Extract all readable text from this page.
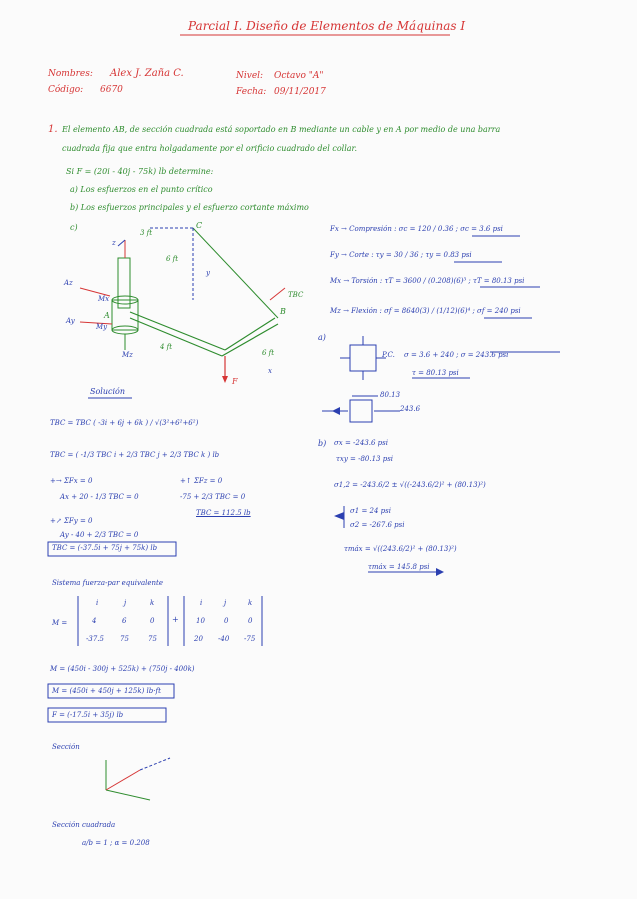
Parcial I. Diseño de Elementos de Máquinas I
Nombres: Alex J. Zaña C.
Código: 6670
Nivel: Octavo "A"
Fecha: 09/11/2017
1. El elemento AB, de sección cuadrada está soportado en B mediante un cable y en A por medio de una barra
cuadrada fija que entra holgadamente por el orificio cuadrado del collar.
Si F = (20i - 40j - 75k) lb determine:
a) Los esfuerzos en el punto crítico
b) Los esfuerzos principales y el esfuerzo cortante máximo
c)	C
B
A
3 ft
6 ft
4 ft
6 ft
F
TBC
x
y
z
Mx
Az
Ay
Mz
My
Solución
TBC = TBC ( -3i + 6j + 6k ) / √(3²+6²+6²)
TBC = ( -1/3 TBC i + 2/3 TBC j + 2/3 TBC k ) lb
+→ ΣFx = 0
Ax + 20 - 1/3 TBC = 0
+↑ ΣFz = 0
-75 + 2/3 TBC = 0
TBC = 112.5 lb
+↗ ΣFy = 0
Ay - 40 + 2/3 TBC = 0
TBC = (-37.5i + 75j + 75k) lb
Sistema fuerza-par equivalente
M =
i	j	k
4	6	0
-37.5 75	75
+
i	j	k
10	0	0
20 -40 -75
M = (450i - 300j + 525k) + (750j - 400k)
M = (450i + 450j + 125k) lb·ft
F = (-17.5i + 35j) lb
Sección
Sección cuadrada
a/b = 1 ; α = 0.208
Fx → Compresión : σc = 120 / 0.36 ; σc = 3.6 psi
Fy → Corte : τy = 30 / 36 ; τy = 0.83 psi
Mx → Torsión : τT = 3600 / (0.208)(6)³ ; τT = 80.13 psi
Mz → Flexión : σf = 8640(3) / (1/12)(6)⁴ ; σf = 240 psi
a)
P.C. σ = 3.6 + 240 ; σ = 243.6 psi
τ = 80.13 psi
80.13
243.6
b) σx = -243.6 psi
τxy = -80.13 psi
σ1,2 = -243.6/2 ± √((-243.6/2)² + (80.13)²)
σ1 = 24 psi
σ2 = -267.6 psi
τmáx = √((243.6/2)² + (80.13)²)
τmáx = 145.8 psi
